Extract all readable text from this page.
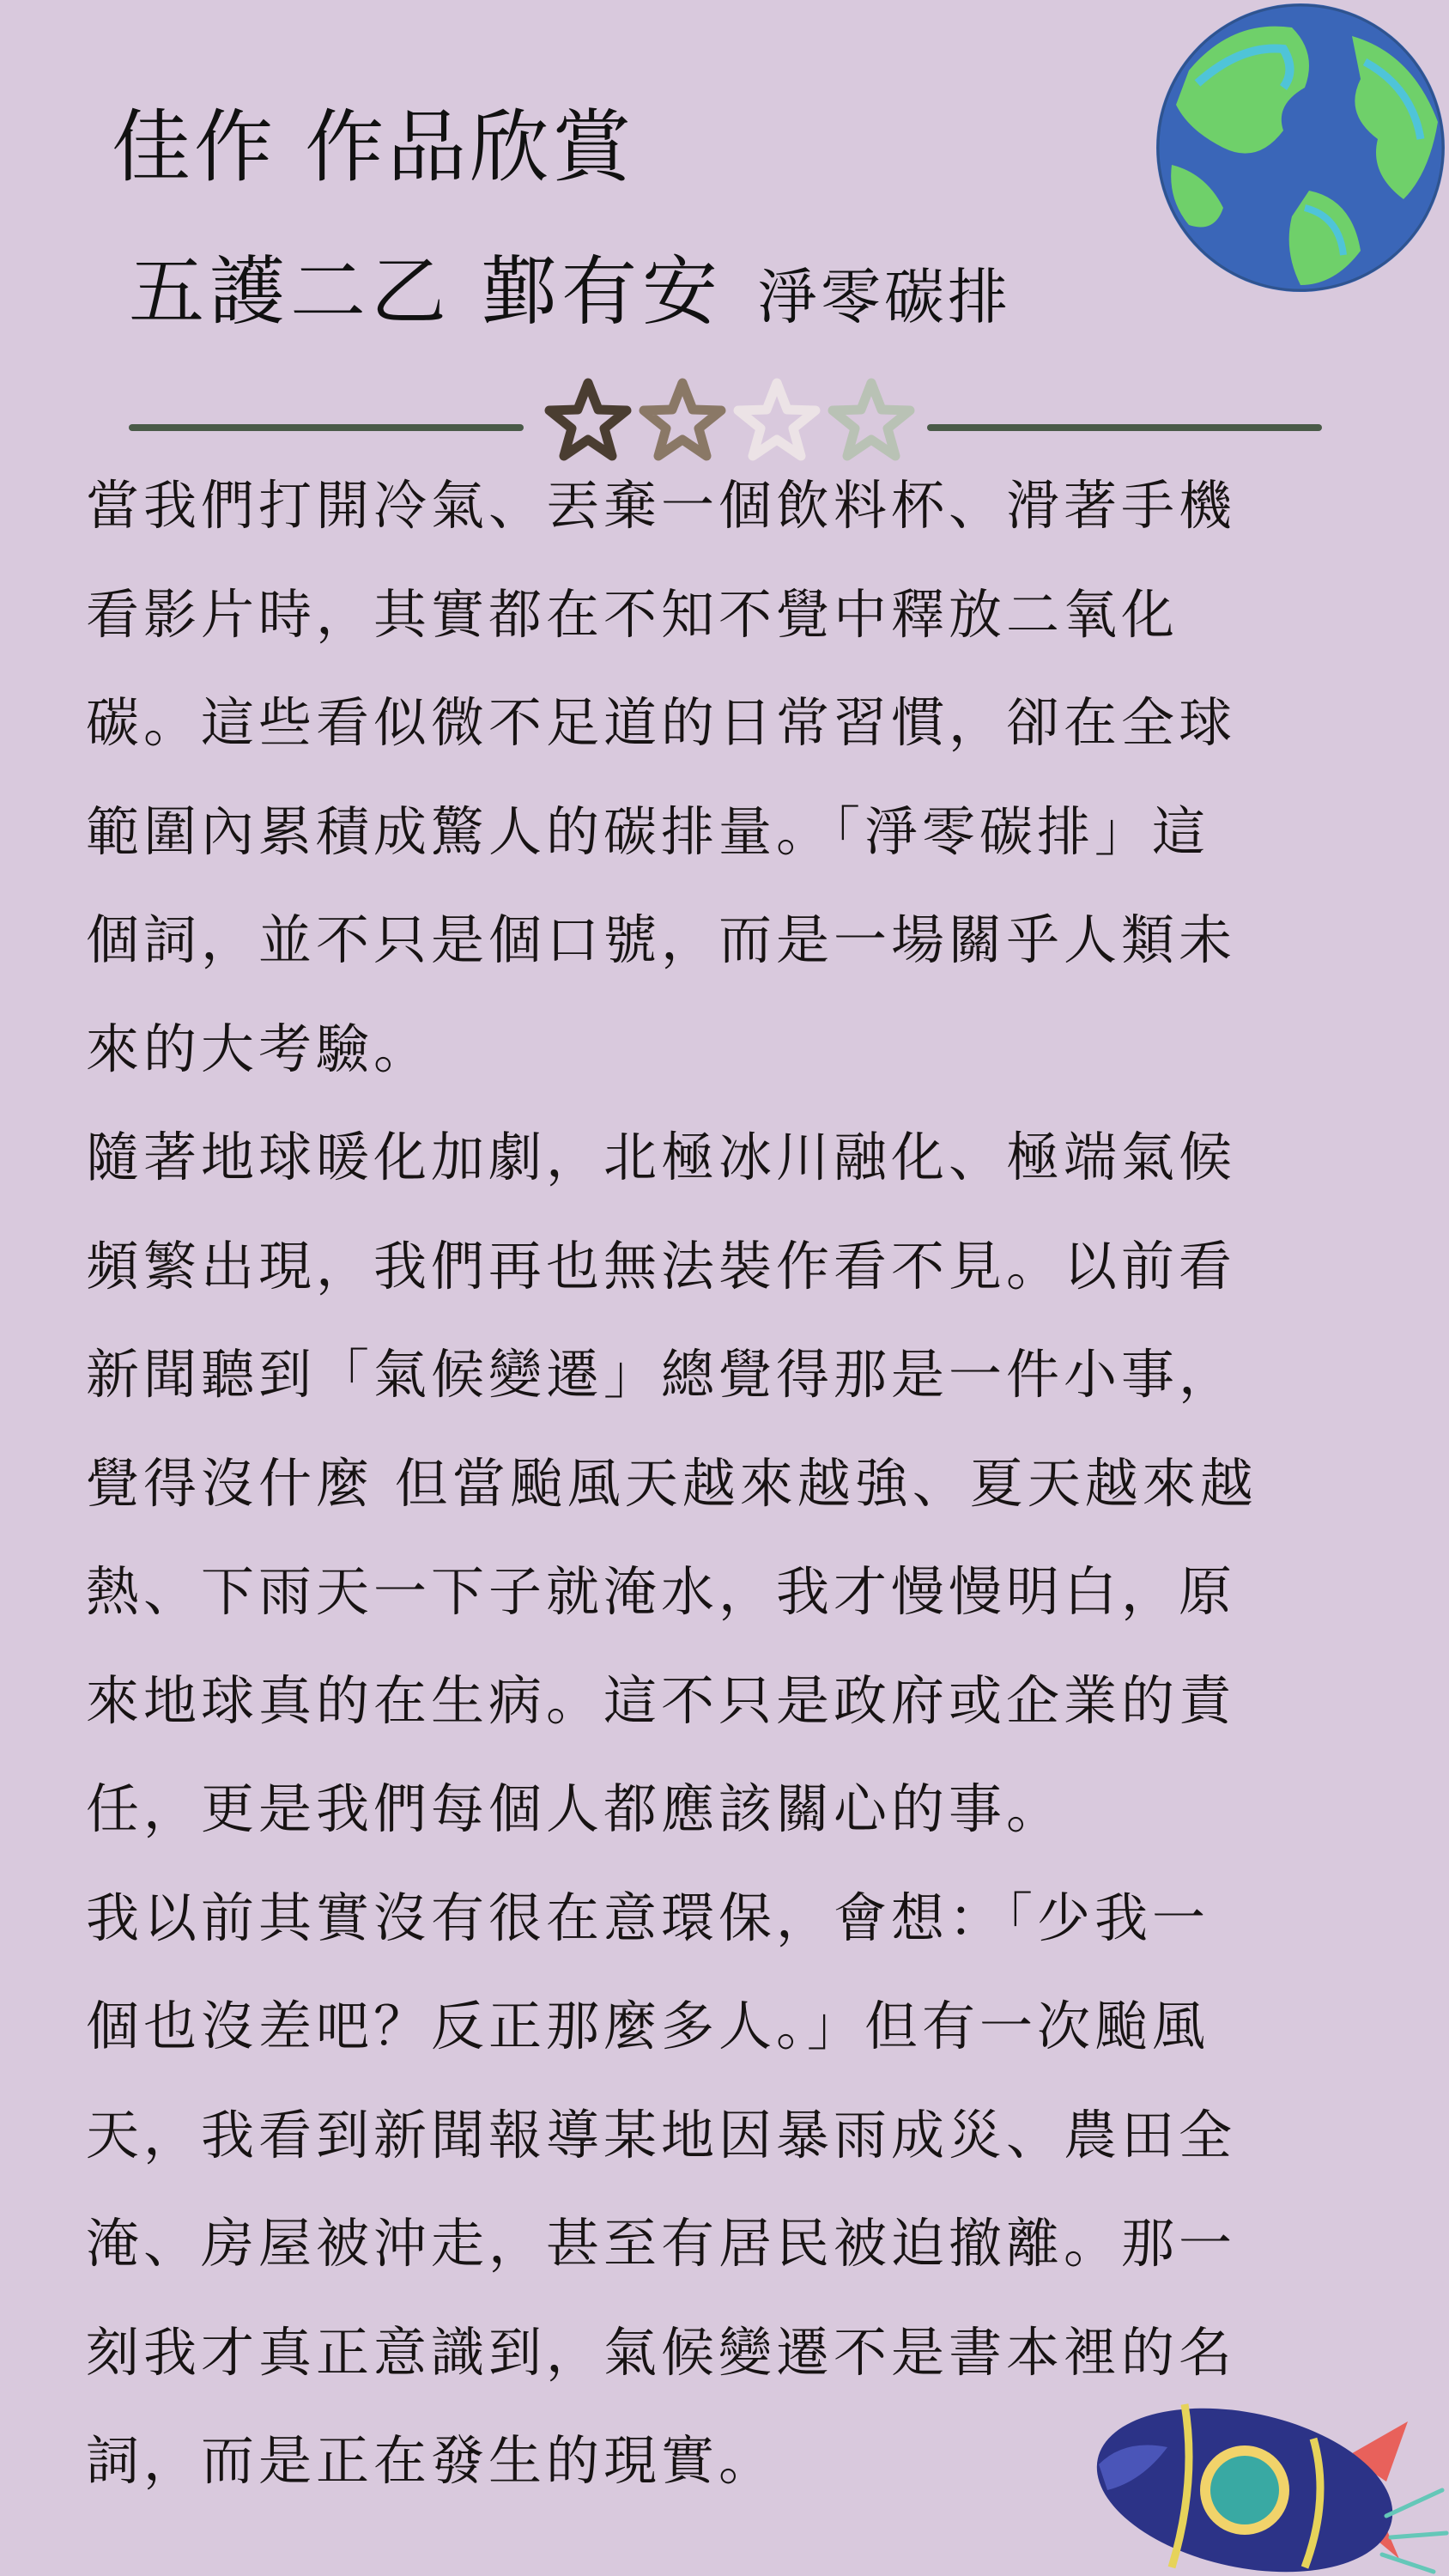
佳作 作品欣賞
五護二乙 鄞有安 淨零碳排
當我們打開冷氣、丟棄一個飲料杯、滑著手機
看影片時，其實都在不知不覺中釋放二氧化
碳。這些看似微不足道的日常習慣，卻在全球
範圍內累積成驚人的碳排量。「淨零碳排」這
個詞，並不只是個口號，而是一場關乎人類未
來的大考驗。
隨著地球暖化加劇，北極冰川融化、極端氣候
頻繁出現，我們再也無法裝作看不見。以前看
新聞聽到「氣候變遷」總覺得那是一件小事，
覺得沒什麼 但當颱風天越來越強、夏天越來越
熱、下雨天一下子就淹水，我才慢慢明白，原
來地球真的在生病。這不只是政府或企業的責
任，更是我們每個人都應該關心的事。
我以前其實沒有很在意環保，會想：「少我一
個也沒差吧？反正那麼多人。」但有一次颱風
天，我看到新聞報導某地因暴雨成災、農田全
淹、房屋被沖走，甚至有居民被迫撤離。那一
刻我才真正意識到，氣候變遷不是書本裡的名
詞，而是正在發生的現實。
